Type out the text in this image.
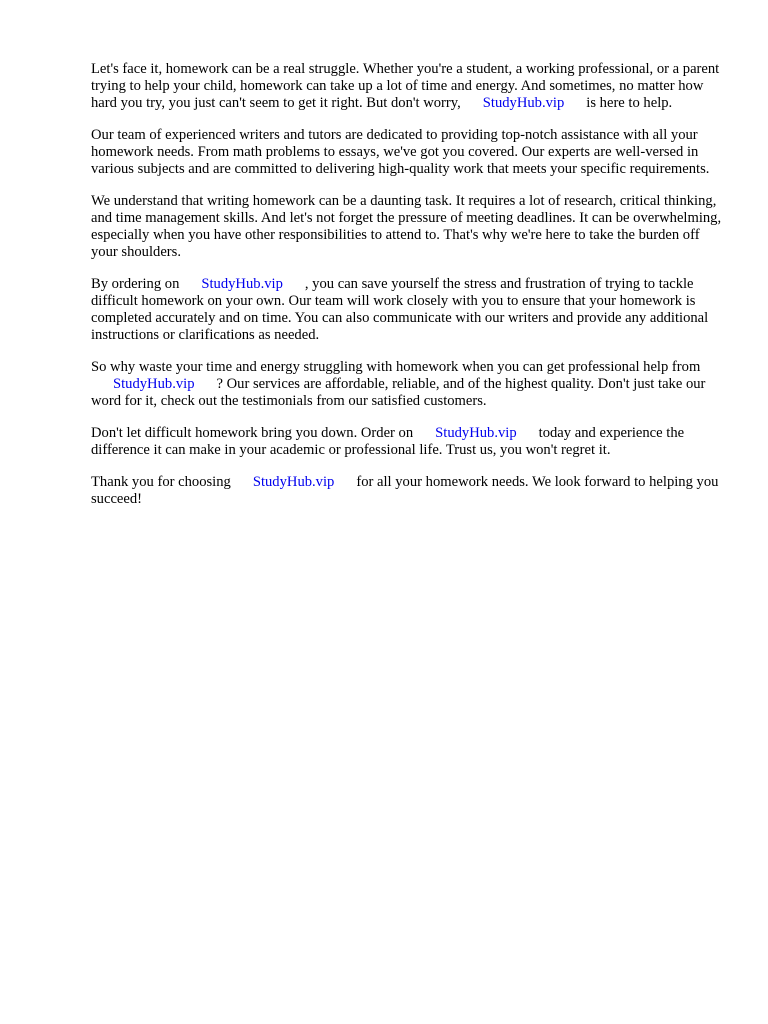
Let's face it, homework can be a real struggle. Whether you're a student, a working professional, or a parent trying to help your child, homework can take up a lot of time and energy. And sometimes, no matter how hard you try, you just can't seem to get it right. But don't worry, StudyHub.vip is here to help.

Our team of experienced writers and tutors are dedicated to providing top-notch assistance with all your homework needs. From math problems to essays, we've got you covered. Our experts are well-versed in various subjects and are committed to delivering high-quality work that meets your specific requirements.

We understand that writing homework can be a daunting task. It requires a lot of research, critical thinking, and time management skills. And let's not forget the pressure of meeting deadlines. It can be overwhelming, especially when you have other responsibilities to attend to. That's why we're here to take the burden off your shoulders.

By ordering on StudyHub.vip , you can save yourself the stress and frustration of trying to tackle difficult homework on your own. Our team will work closely with you to ensure that your homework is completed accurately and on time. You can also communicate with our writers and provide any additional instructions or clarifications as needed.

So why waste your time and energy struggling with homework when you can get professional help fromStudyHub.vip ? Our services are affordable, reliable, and of the highest quality. Don't just take our word for it, check out the testimonials from our satisfied customers.

Don't let difficult homework bring you down. Order on StudyHub.vip today and experience the difference it can make in your academic or professional life. Trust us, you won't regret it.

Thank you for choosing StudyHub.vip for all your homework needs. We look forward to helping you succeed!
